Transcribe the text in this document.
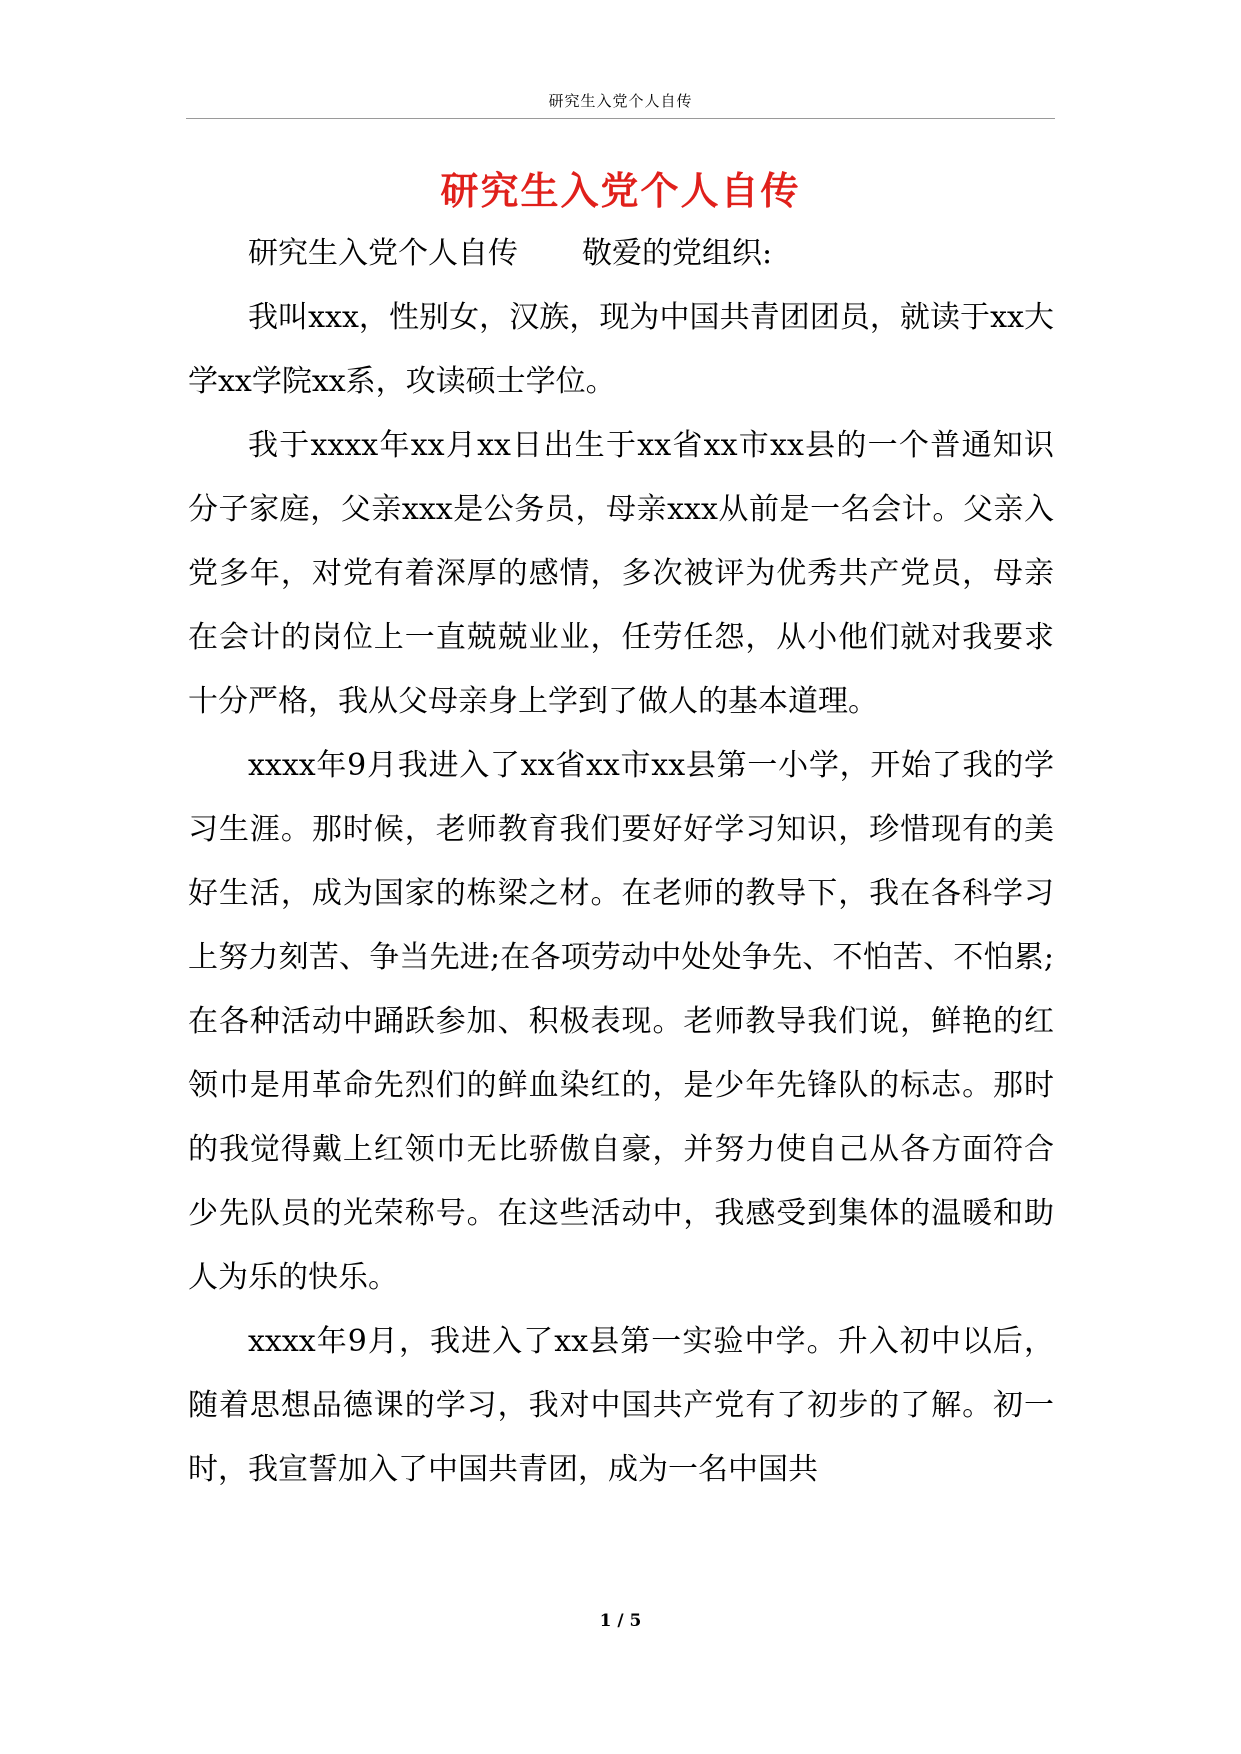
研究生入党个人自传
研究生入党个人自传

研究生入党个人自传 敬爱的党组织:

我叫xxx，性别女，汉族，现为中国共青团团员，就读于xx大学xx学院xx系，攻读硕士学位。

我于xxxx年xx月xx日出生于xx省xx市xx县的一个普通知识分子家庭，父亲xxx是公务员，母亲xxx从前是一名会计。父亲入党多年，对党有着深厚的感情，多次被评为优秀共产党员，母亲在会计的岗位上一直兢兢业业，任劳任怨，从小他们就对我要求十分严格，我从父母亲身上学到了做人的基本道理。

xxxx年9月我进入了xx省xx市xx县第一小学，开始了我的学习生涯。那时候，老师教育我们要好好学习知识，珍惜现有的美好生活，成为国家的栋梁之材。在老师的教导下，我在各科学习上努力刻苦、争当先进;在各项劳动中处处争先、不怕苦、不怕累;在各种活动中踊跃参加、积极表现。老师教导我们说，鲜艳的红领巾是用革命先烈们的鲜血染红的，是少年先锋队的标志。那时的我觉得戴上红领巾无比骄傲自豪，并努力使自己从各方面符合少先队员的光荣称号。在这些活动中，我感受到集体的温暖和助人为乐的快乐。

xxxx年9月，我进入了xx县第一实验中学。升入初中以后，随着思想品德课的学习，我对中国共产党有了初步的了解。初一时，我宣誓加入了中国共青团，成为一名中国共

1 / 5
